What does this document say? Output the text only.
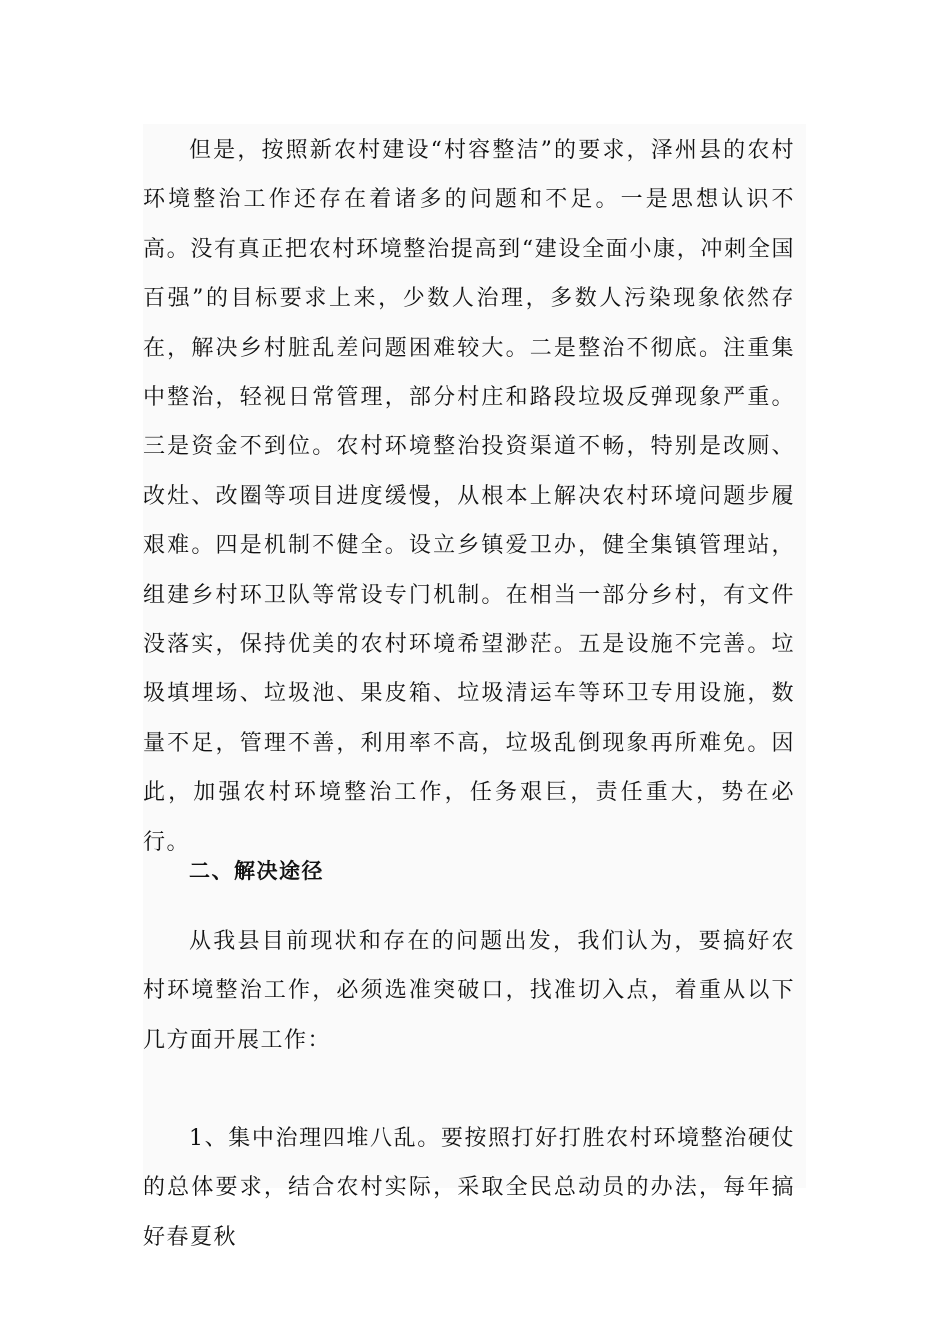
但是，按照新农村建设“村容整洁”的要求，泽州县的农村环境整治工作还存在着诸多的问题和不足。一是思想认识不高。没有真正把农村环境整治提高到“建设全面小康，冲刺全国百强”的目标要求上来，少数人治理，多数人污染现象依然存在，解决乡村脏乱差问题困难较大。二是整治不彻底。注重集中整治，轻视日常管理，部分村庄和路段垃圾反弹现象严重。三是资金不到位。农村环境整治投资渠道不畅，特别是改厕、改灶、改圈等项目进度缓慢，从根本上解决农村环境问题步履艰难。四是机制不健全。设立乡镇爱卫办，健全集镇管理站，组建乡村环卫队等常设专门机制。在相当一部分乡村，有文件没落实，保持优美的农村环境希望渺茫。五是设施不完善。垃圾填埋场、垃圾池、果皮箱、垃圾清运车等环卫专用设施，数量不足，管理不善，利用率不高，垃圾乱倒现象再所难免。因此，加强农村环境整治工作，任务艰巨，责任重大，势在必行。

二、解决途径

从我县目前现状和存在的问题出发，我们认为，要搞好农村环境整治工作，必须选准突破口，找准切入点，着重从以下几方面开展工作：

1、集中治理四堆八乱。要按照打好打胜农村环境整治硬仗的总体要求，结合农村实际，采取全民总动员的办法，每年搞好春夏秋
